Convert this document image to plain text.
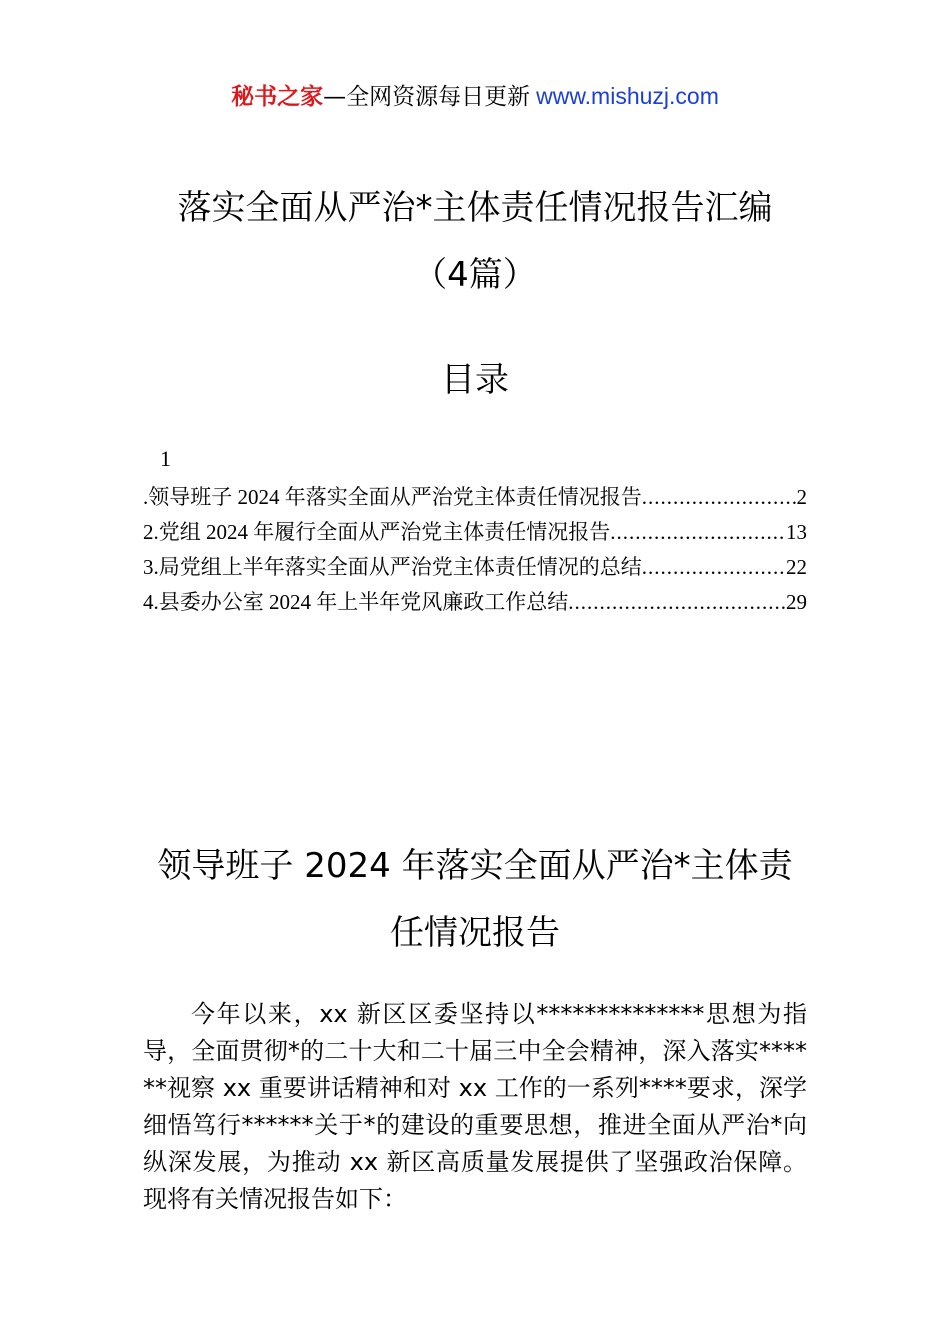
秘书之家—全网资源每日更新 www.mishuzj.com
落实全面从严治*主体责任情况报告汇编
（4篇）
目录
1
.领导班子 2024 年落实全面从严治党主体责任情况报告 .....	2
2.党组 2024 年履行全面从严治党主体责任情况报告 .....	13
3.局党组上半年落实全面从严治党主体责任情况的总结 .....	22
4.县委办公室 2024 年上半年党风廉政工作总结 .....	29
领导班子 2024 年落实全面从严治*主体责
任情况报告
今年以来，xx 新区区委坚持以**************思想为指导，全面贯彻*的二十大和二十届三中全会精神，深入落实******视察 xx 重要讲话精神和对 xx 工作的一系列****要求，深学细悟笃行******关于*的建设的重要思想，推进全面从严治*向纵深发展，为推动 xx 新区高质量发展提供了坚强政治保障。现将有关情况报告如下：
